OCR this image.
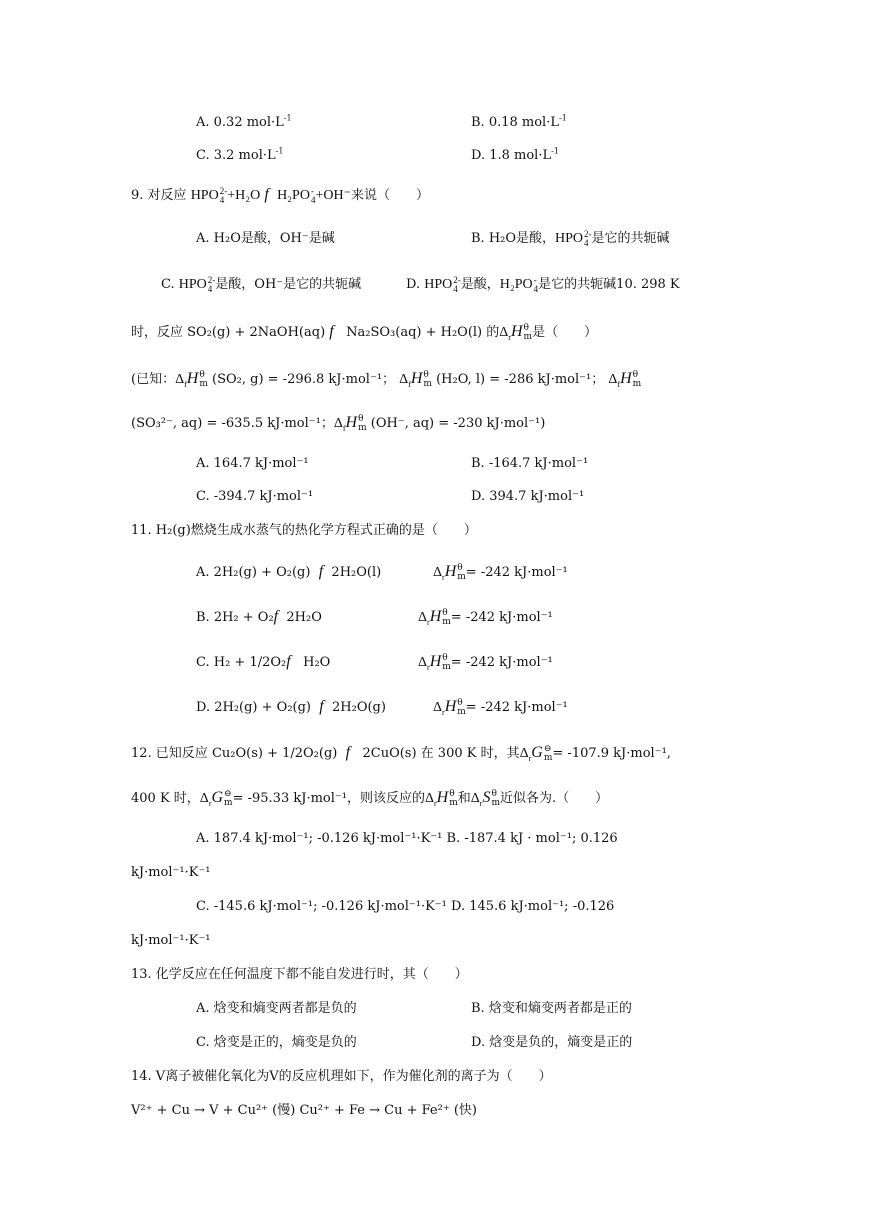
A. 0.32 $mol\cdot L^{-1}$	B. 0.18 $mol\cdot L^{-1}$
C. 3.2 $mol\cdot L^{-1}$	D. 1.8 $mol\cdot L^{-1}$
9. 对反应 HPO 2-
4 +H₂O f H₂PO -
4 +OH⁻来说（　　）
A. H₂O是酸，OH⁻是碱	B. H₂O是酸，HPO 2-
4 是它的共轭碱
C. HPO 2-
4 是酸，OH⁻是它的共轭碱	D. HPO 2-
4 是酸，H₂PO -
4 是它的共轭碱10. 298 K
时，反应 SO₂(g) + 2NaOH(aq) f Na₂SO₃(aq) + H₂O(l) 的$\Delta_rH$ θ
m 是（　　）
(已知：$\Delta_fH$ θ
m (SO₂, g) = -296.8 kJ·mol⁻¹； $\Delta_fH$ θ
m (H₂O, l) = -286 kJ·mol⁻¹； $\Delta_fH$ θ
m
(SO₃²⁻, aq) = -635.5 kJ·mol⁻¹；$\Delta_fH$ θ
m (OH⁻, aq) = -230 kJ·mol⁻¹)
A. 164.7 kJ·mol⁻¹	B. -164.7 kJ·mol⁻¹
C. -394.7 kJ·mol⁻¹	D. 394.7 kJ·mol⁻¹
11. H₂(g)燃烧生成水蒸气的热化学方程式正确的是（　　）
A. 2H₂(g) + O₂(g) f 2H₂O(l)	$\Delta_rH$ θ
m = -242 kJ·mol⁻¹
B. 2H₂ + O₂f 2H₂O	$\Delta_rH$ θ
m = -242 kJ·mol⁻¹
C. H₂ + 1/2O₂f H₂O	$\Delta_rH$ θ
m = -242 kJ·mol⁻¹
D. 2H₂(g) + O₂(g) f 2H₂O(g)	$\Delta_rH$ θ
m = -242 kJ·mol⁻¹
12. 已知反应 Cu₂O(s) + 1/2O₂(g) f 2CuO(s) 在 300 K 时，其$\Delta_rG$ ⊖
m = -107.9 kJ·mol⁻¹,
400 K 时，$\Delta_rG$ ⊖
m = -95.33 kJ·mol⁻¹，则该反应的$\Delta_rH$ θ
m 和$\Delta_rS$ θ
m 近似各为.（　　）
A. 187.4 kJ·mol⁻¹; -0.126 kJ·mol⁻¹·K⁻¹ B. -187.4 kJ · mol⁻¹; 0.126
kJ·mol⁻¹·K⁻¹
C. -145.6 kJ·mol⁻¹; -0.126 kJ·mol⁻¹·K⁻¹ D. 145.6 kJ·mol⁻¹; -0.126
kJ·mol⁻¹·K⁻¹
13. 化学反应在任何温度下都不能自发进行时，其（　　）
A. 焓变和熵变两者都是负的	B. 焓变和熵变两者都是正的
C. 焓变是正的，熵变是负的	D. 焓变是负的，熵变是正的
14. V离子被催化氧化为V的反应机理如下，作为催化剂的离子为（　　）
V²⁺ + Cu → V + Cu²⁺ (慢) Cu²⁺ + Fe → Cu + Fe²⁺ (快)
